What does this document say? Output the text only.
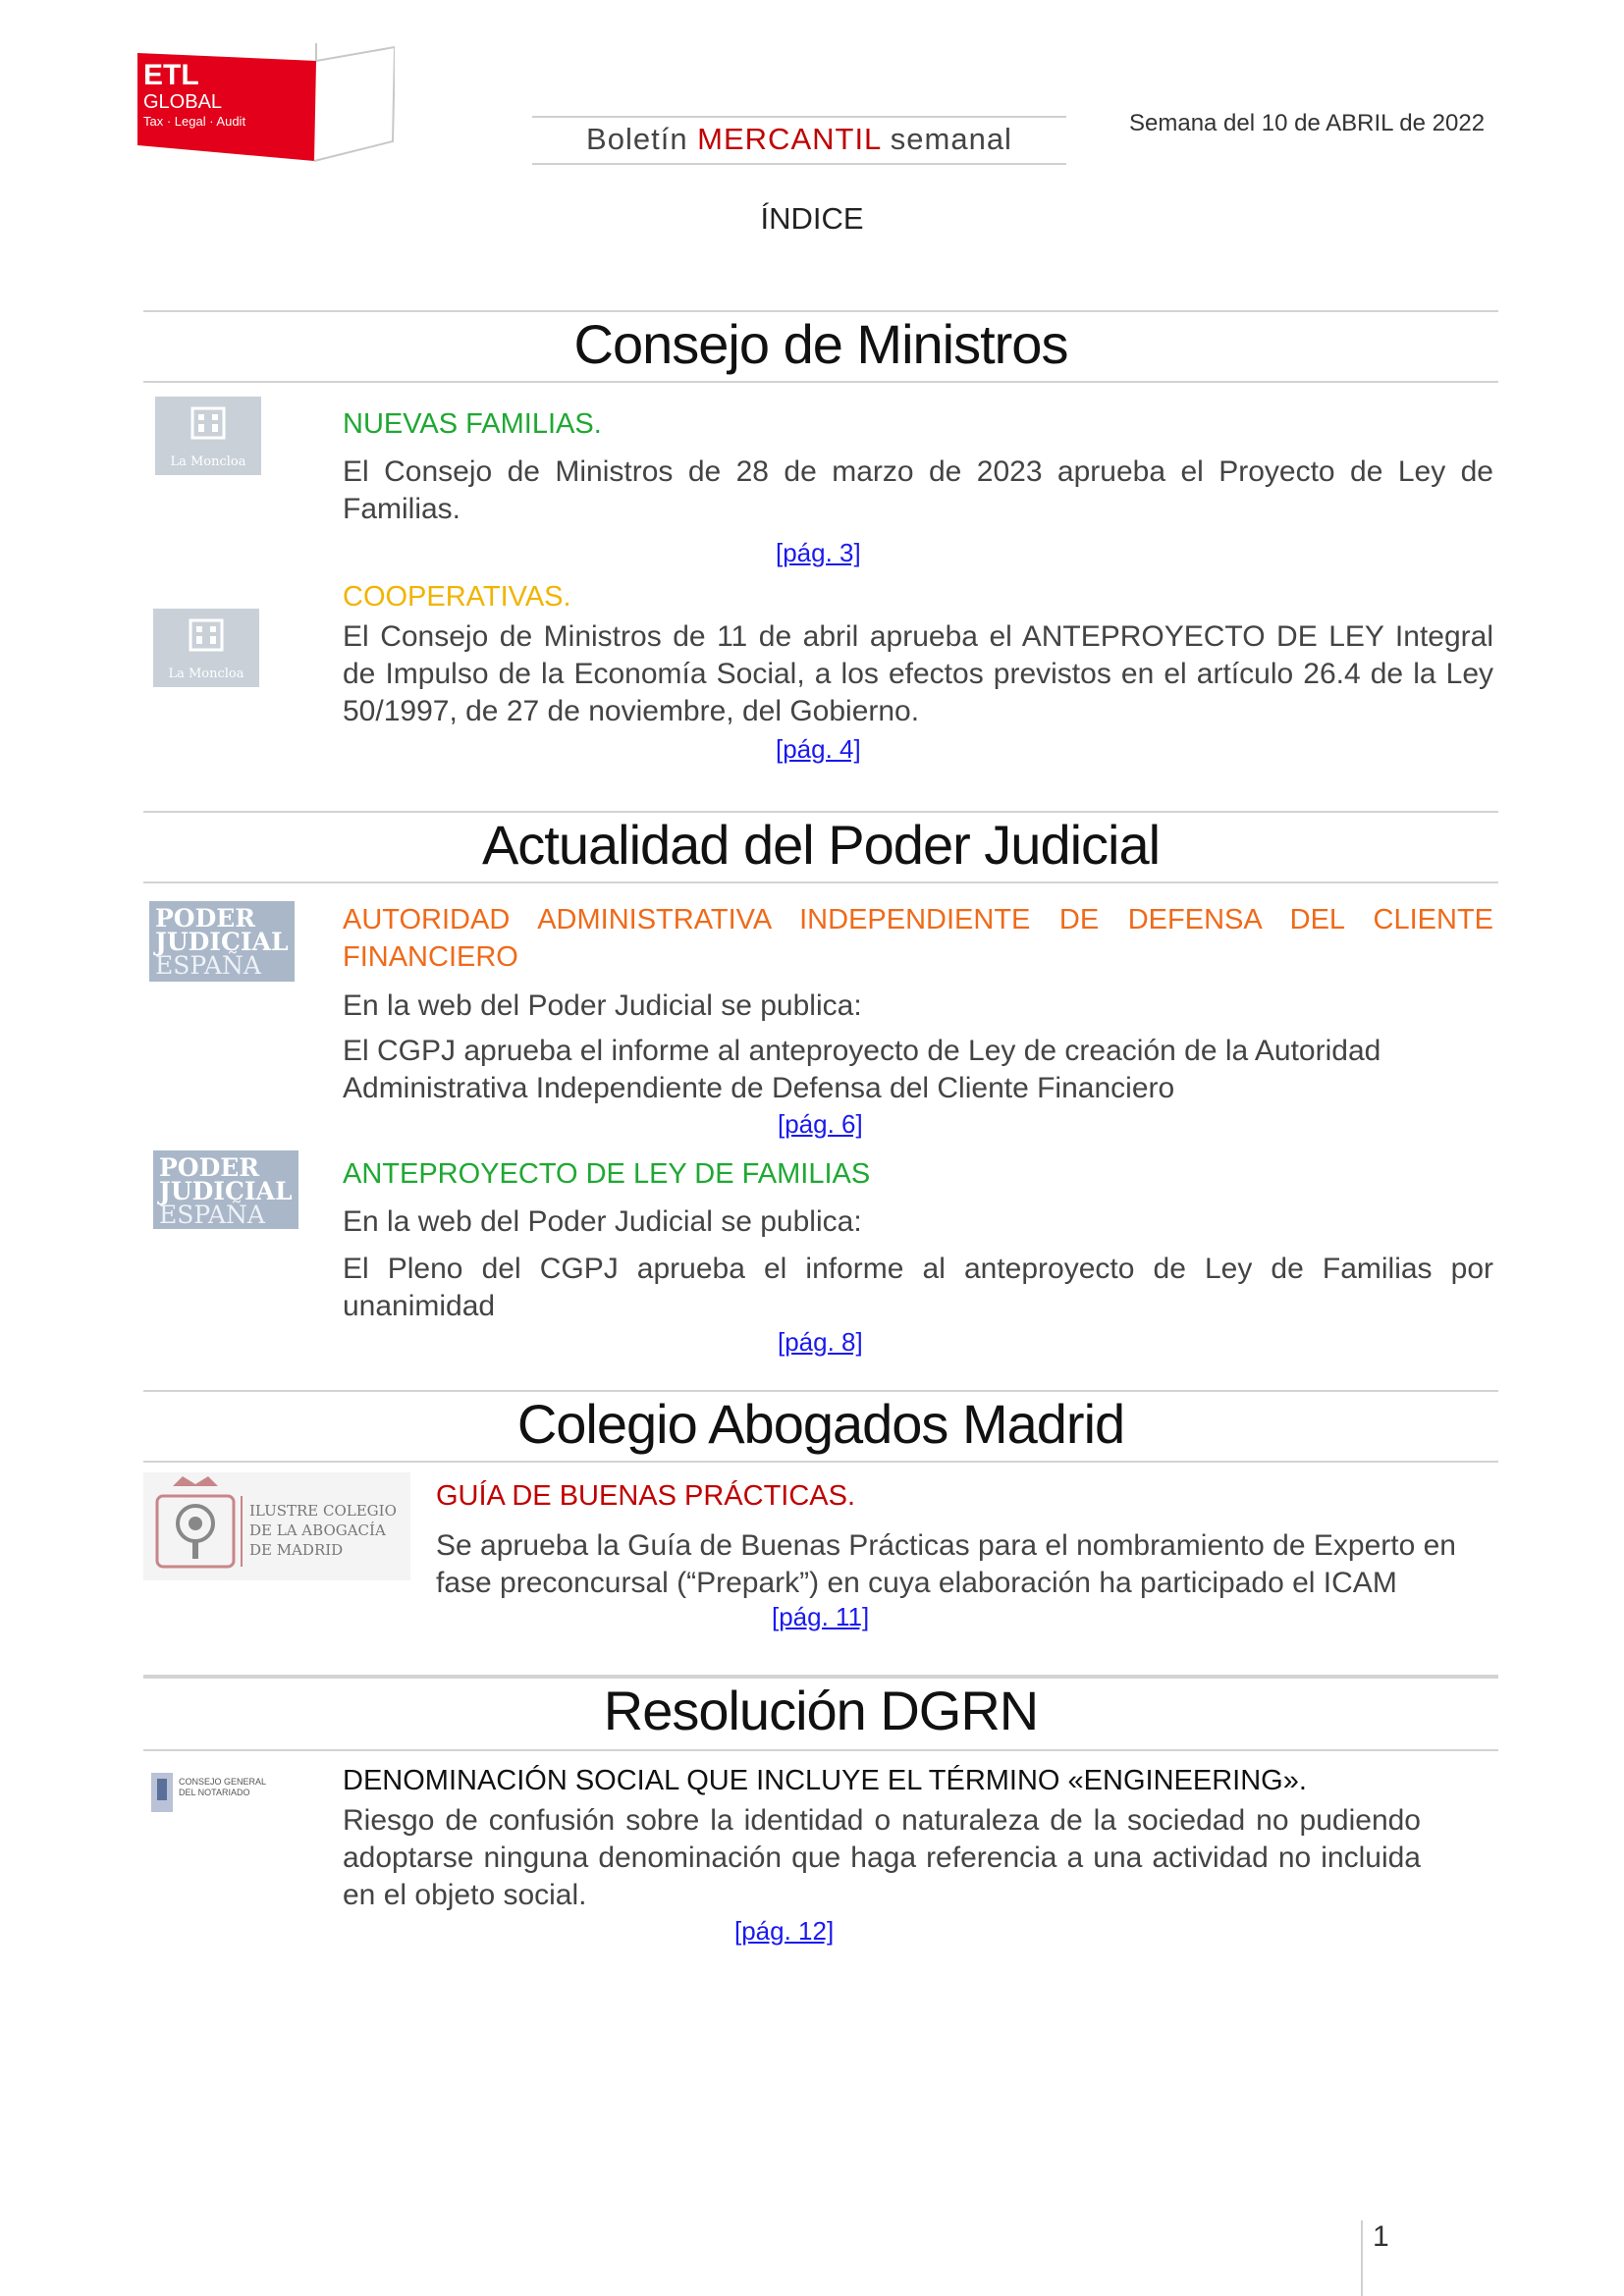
ETL
GLOBAL
Tax · Legal · Audit
Boletín MERCANTIL semanal	Semana del 10 de ABRIL de 2022
ÍNDICE
Consejo de Ministros
La Moncloa
NUEVAS FAMILIAS.
El Consejo de Ministros de 28 de marzo de 2023 aprueba el Proyecto de Ley de Familias.
[pág. 3]
La Moncloa
COOPERATIVAS.
El Consejo de Ministros de 11 de abril aprueba el ANTEPROYECTO DE LEY Integral de Impulso de la Economía Social, a los efectos previstos en el artículo 26.4 de la Ley 50/1997, de 27 de noviembre, del Gobierno.
[pág. 4]
Actualidad del Poder Judicial
PODER
JUDICIAL
ESPAÑA
AUTORIDAD ADMINISTRATIVA INDEPENDIENTE DE DEFENSA DEL CLIENTE FINANCIERO
En la web del Poder Judicial se publica:
El CGPJ aprueba el informe al anteproyecto de Ley de creación de la Autoridad Administrativa Independiente de Defensa del Cliente Financiero
[pág. 6]
PODER
JUDICIAL
ESPAÑA
ANTEPROYECTO DE LEY DE FAMILIAS
En la web del Poder Judicial se publica:
El Pleno del CGPJ aprueba el informe al anteproyecto de Ley de Familias por unanimidad
[pág. 8]
Colegio Abogados Madrid
ILUSTRE COLEGIO
DE LA ABOGACÍA
DE MADRID
GUÍA DE BUENAS PRÁCTICAS.
Se aprueba la Guía de Buenas Prácticas para el nombramiento de Experto en fase preconcursal (“Prepark”) en cuya elaboración ha participado el ICAM
[pág. 11]
Resolución DGRN
CONSEJO GENERAL
DEL NOTARIADO	DENOMINACIÓN SOCIAL QUE INCLUYE EL TÉRMINO «ENGINEERING».
Riesgo de confusión sobre la identidad o naturaleza de la sociedad no pudiendo adoptarse ninguna denominación que haga referencia a una actividad no incluida en el objeto social.
[pág. 12]
1
